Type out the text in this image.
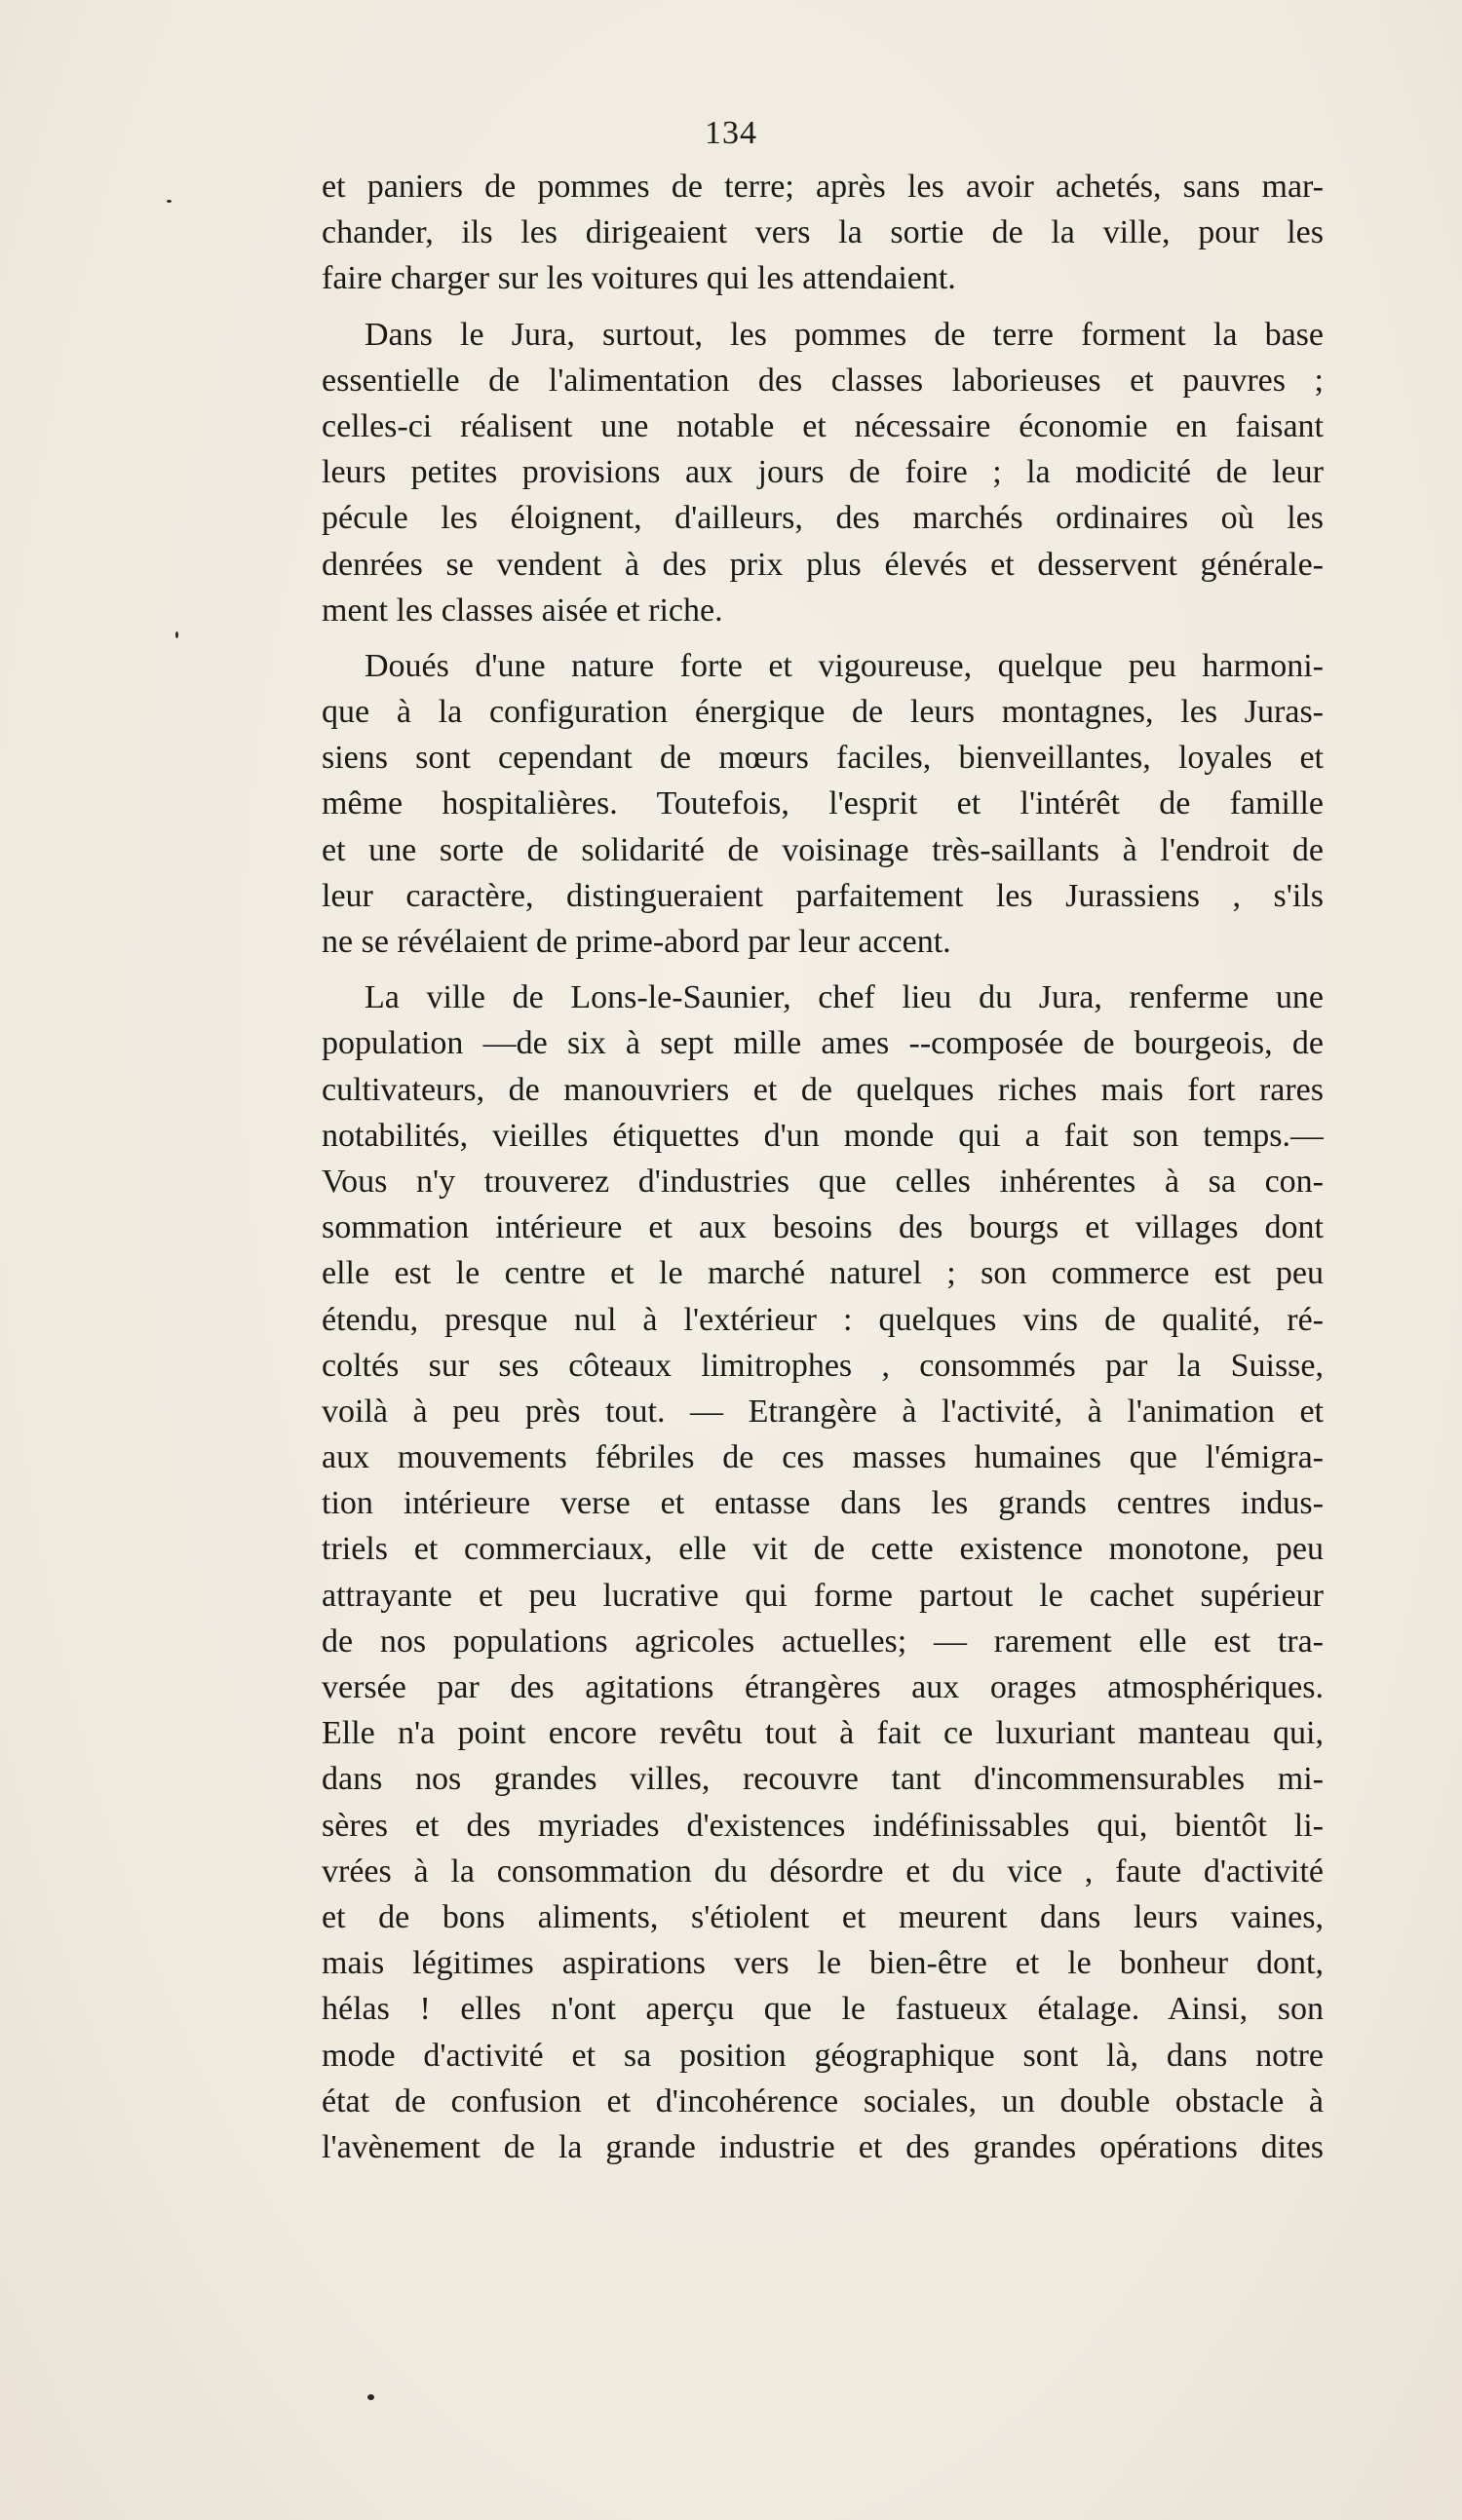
134
et paniers de pommes de terre; après les avoir achetés, sans mar-
chander, ils les dirigeaient vers la sortie de la ville, pour les
faire charger sur les voitures qui les attendaient.
Dans le Jura, surtout, les pommes de terre forment la base
essentielle de l'alimentation des classes laborieuses et pauvres ;
celles-ci réalisent une notable et nécessaire économie en faisant
leurs petites provisions aux jours de foire ; la modicité de leur
pécule les éloignent, d'ailleurs, des marchés ordinaires où les
denrées se vendent à des prix plus élevés et desservent générale-
ment les classes aisée et riche.
Doués d'une nature forte et vigoureuse, quelque peu harmoni-
que à la configuration énergique de leurs montagnes, les Juras-
siens sont cependant de mœurs faciles, bienveillantes, loyales et
même hospitalières. Toutefois, l'esprit et l'intérêt de famille
et une sorte de solidarité de voisinage très-saillants à l'endroit de
leur caractère, distingueraient parfaitement les Jurassiens , s'ils
ne se révélaient de prime-abord par leur accent.
La ville de Lons-le-Saunier, chef lieu du Jura, renferme une
population —de six à sept mille ames --composée de bourgeois, de
cultivateurs, de manouvriers et de quelques riches mais fort rares
notabilités, vieilles étiquettes d'un monde qui a fait son temps.—
Vous n'y trouverez d'industries que celles inhérentes à sa con-
sommation intérieure et aux besoins des bourgs et villages dont
elle est le centre et le marché naturel ; son commerce est peu
étendu, presque nul à l'extérieur : quelques vins de qualité, ré-
coltés sur ses côteaux limitrophes , consommés par la Suisse,
voilà à peu près tout. — Etrangère à l'activité, à l'animation et
aux mouvements fébriles de ces masses humaines que l'émigra-
tion intérieure verse et entasse dans les grands centres indus-
triels et commerciaux, elle vit de cette existence monotone, peu
attrayante et peu lucrative qui forme partout le cachet supérieur
de nos populations agricoles actuelles; — rarement elle est tra-
versée par des agitations étrangères aux orages atmosphériques.
Elle n'a point encore revêtu tout à fait ce luxuriant manteau qui,
dans nos grandes villes, recouvre tant d'incommensurables mi-
sères et des myriades d'existences indéfinissables qui, bientôt li-
vrées à la consommation du désordre et du vice , faute d'activité
et de bons aliments, s'étiolent et meurent dans leurs vaines,
mais légitimes aspirations vers le bien-être et le bonheur dont,
hélas ! elles n'ont aperçu que le fastueux étalage. Ainsi, son
mode d'activité et sa position géographique sont là, dans notre
état de confusion et d'incohérence sociales, un double obstacle à
l'avènement de la grande industrie et des grandes opérations dites
